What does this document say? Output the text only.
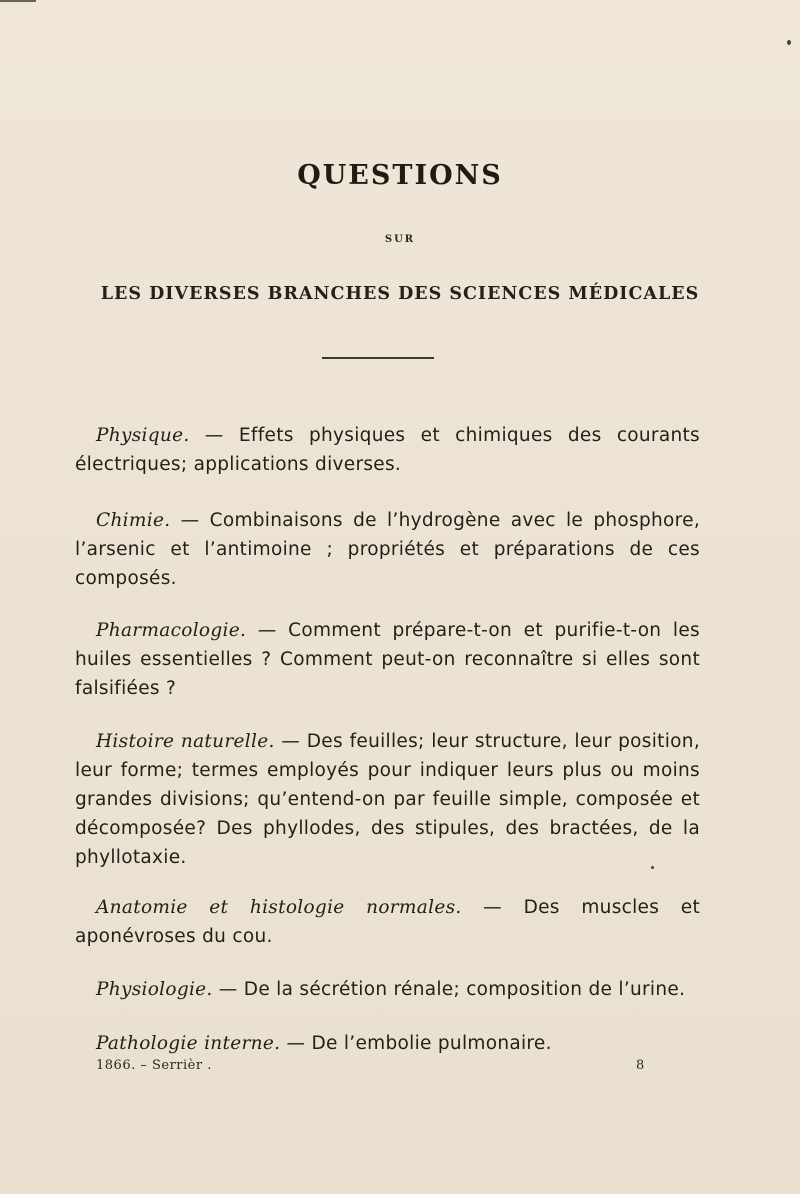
QUESTIONS
SUR
LES DIVERSES BRANCHES DES SCIENCES MÉDICALES

Physique. — Effets physiques et chimiques des courants électriques; applications diverses.

Chimie. — Combinaisons de l’hydrogène avec le phosphore, l’arsenic et l’antimoine ; propriétés et préparations de ces composés.

Pharmacologie. — Comment prépare-t-on et purifie-t-on les huiles essentielles ? Comment peut-on reconnaître si elles sont falsifiées ?

Histoire naturelle. — Des feuilles; leur structure, leur position, leur forme; termes employés pour indiquer leurs plus ou moins grandes divisions; qu’entend-on par feuille simple, composée et décomposée? Des phyllodes, des stipules, des bractées, de la phyllotaxie.

Anatomie et histologie normales. — Des muscles et aponévroses du cou.

Physiologie. — De la sécrétion rénale; composition de l’urine.

Pathologie interne. — De l’embolie pulmonaire.

1866. – Serrièr .	8
